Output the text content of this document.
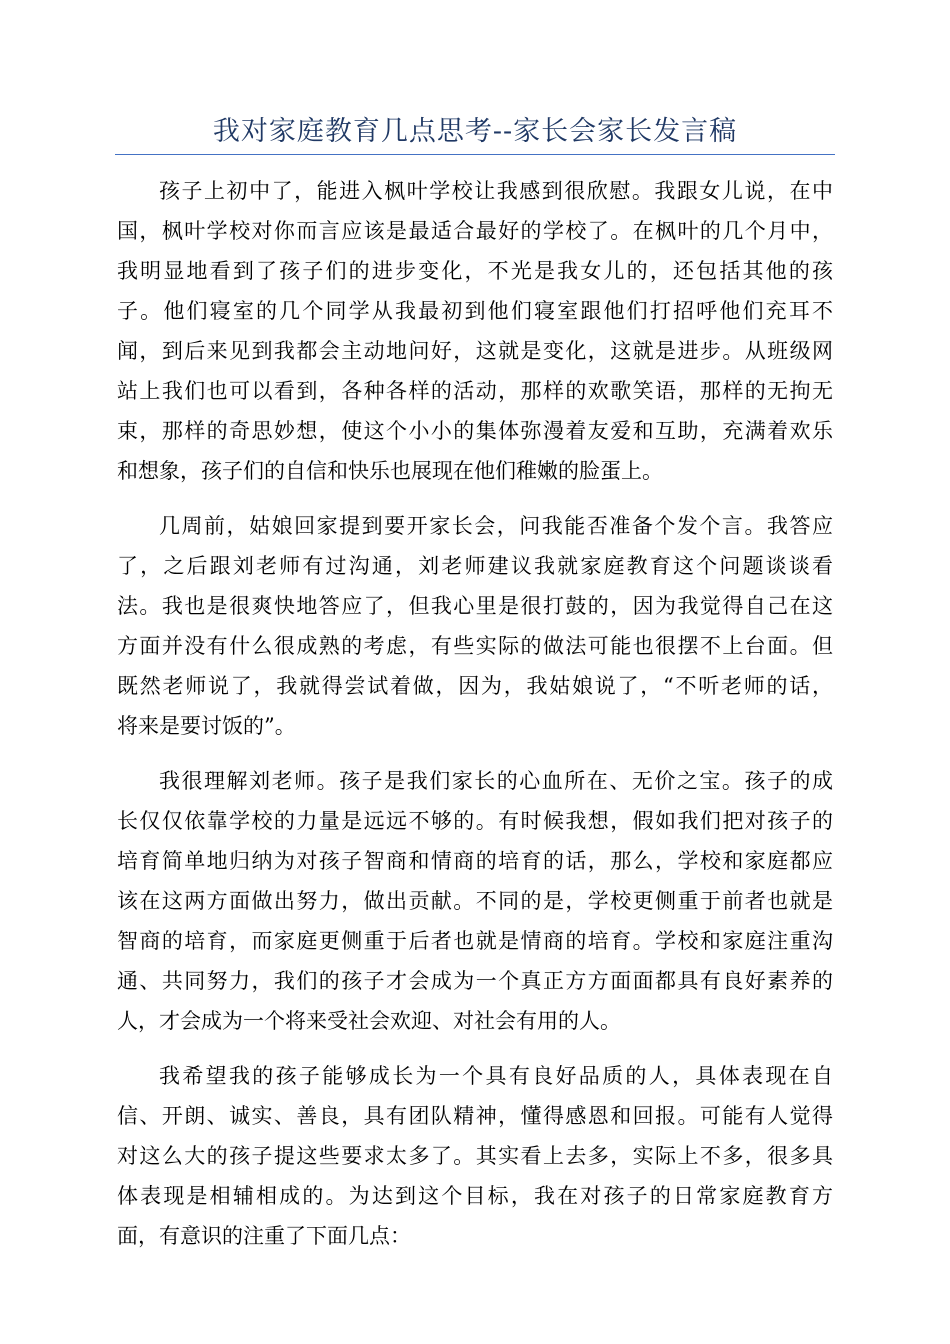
我对家庭教育几点思考--家长会家长发言稿

孩子上初中了，能进入枫叶学校让我感到很欣慰。我跟女儿说，在中
国，枫叶学校对你而言应该是最适合最好的学校了。在枫叶的几个月中，
我明显地看到了孩子们的进步变化，不光是我女儿的，还包括其他的孩
子。他们寝室的几个同学从我最初到他们寝室跟他们打招呼他们充耳不
闻，到后来见到我都会主动地问好，这就是变化，这就是进步。从班级网
站上我们也可以看到，各种各样的活动，那样的欢歌笑语，那样的无拘无
束，那样的奇思妙想，使这个小小的集体弥漫着友爱和互助，充满着欢乐
和想象，孩子们的自信和快乐也展现在他们稚嫩的脸蛋上。

几周前，姑娘回家提到要开家长会，问我能否准备个发个言。我答应
了，之后跟刘老师有过沟通，刘老师建议我就家庭教育这个问题谈谈看
法。我也是很爽快地答应了，但我心里是很打鼓的，因为我觉得自己在这
方面并没有什么很成熟的考虑，有些实际的做法可能也很摆不上台面。但
既然老师说了，我就得尝试着做，因为，我姑娘说了，“不听老师的话，
将来是要讨饭的”。

我很理解刘老师。孩子是我们家长的心血所在、无价之宝。孩子的成
长仅仅依靠学校的力量是远远不够的。有时候我想，假如我们把对孩子的
培育简单地归纳为对孩子智商和情商的培育的话，那么，学校和家庭都应
该在这两方面做出努力，做出贡献。不同的是，学校更侧重于前者也就是
智商的培育，而家庭更侧重于后者也就是情商的培育。学校和家庭注重沟
通、共同努力，我们的孩子才会成为一个真正方方面面都具有良好素养的
人，才会成为一个将来受社会欢迎、对社会有用的人。

我希望我的孩子能够成长为一个具有良好品质的人，具体表现在自
信、开朗、诚实、善良，具有团队精神，懂得感恩和回报。可能有人觉得
对这么大的孩子提这些要求太多了。其实看上去多，实际上不多，很多具
体表现是相辅相成的。为达到这个目标，我在对孩子的日常家庭教育方
面，有意识的注重了下面几点：
